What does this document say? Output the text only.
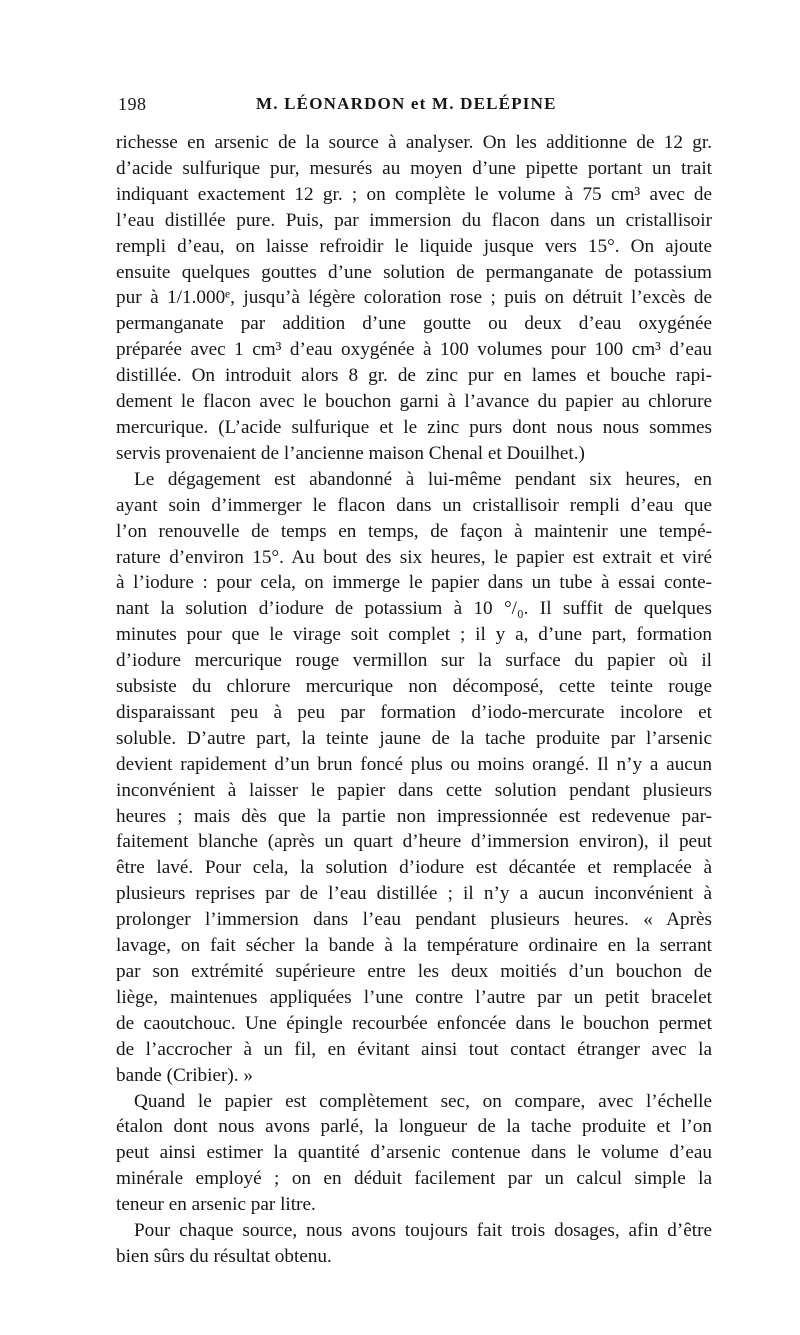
198	M. LÉONARDON et M. DELÉPINE
richesse en arsenic de la source à analyser. On les additionne de 12 gr.
d’acide sulfurique pur, mesurés au moyen d’une pipette portant un trait
indiquant exactement 12 gr. ; on complète le volume à 75 cm³ avec de
l’eau distillée pure. Puis, par immersion du flacon dans un cristallisoir
rempli d’eau, on laisse refroidir le liquide jusque vers 15°. On ajoute
ensuite quelques gouttes d’une solution de permanganate de potassium
pur à 1/1.000ᵉ, jusqu’à légère coloration rose ; puis on détruit l’excès de
permanganate par addition d’une goutte ou deux d’eau oxygénée
préparée avec 1 cm³ d’eau oxygénée à 100 volumes pour 100 cm³ d’eau
distillée. On introduit alors 8 gr. de zinc pur en lames et bouche rapi-
dement le flacon avec le bouchon garni à l’avance du papier au chlorure
mercurique. (L’acide sulfurique et le zinc purs dont nous nous sommes
servis provenaient de l’ancienne maison Chenal et Douilhet.)
Le dégagement est abandonné à lui-même pendant six heures, en
ayant soin d’immerger le flacon dans un cristallisoir rempli d’eau que
l’on renouvelle de temps en temps, de façon à maintenir une tempé-
rature d’environ 15°. Au bout des six heures, le papier est extrait et viré
à l’iodure : pour cela, on immerge le papier dans un tube à essai conte-
nant la solution d’iodure de potassium à 10 °/₀. Il suffit de quelques
minutes pour que le virage soit complet ; il y a, d’une part, formation
d’iodure mercurique rouge vermillon sur la surface du papier où il
subsiste du chlorure mercurique non décomposé, cette teinte rouge
disparaissant peu à peu par formation d’iodo-mercurate incolore et
soluble. D’autre part, la teinte jaune de la tache produite par l’arsenic
devient rapidement d’un brun foncé plus ou moins orangé. Il n’y a aucun
inconvénient à laisser le papier dans cette solution pendant plusieurs
heures ; mais dès que la partie non impressionnée est redevenue par-
faitement blanche (après un quart d’heure d’immersion environ), il peut
être lavé. Pour cela, la solution d’iodure est décantée et remplacée à
plusieurs reprises par de l’eau distillée ; il n’y a aucun inconvénient à
prolonger l’immersion dans l’eau pendant plusieurs heures. « Après
lavage, on fait sécher la bande à la température ordinaire en la serrant
par son extrémité supérieure entre les deux moitiés d’un bouchon de
liège, maintenues appliquées l’une contre l’autre par un petit bracelet
de caoutchouc. Une épingle recourbée enfoncée dans le bouchon permet
de l’accrocher à un fil, en évitant ainsi tout contact étranger avec la
bande (Cribier). »
Quand le papier est complètement sec, on compare, avec l’échelle
étalon dont nous avons parlé, la longueur de la tache produite et l’on
peut ainsi estimer la quantité d’arsenic contenue dans le volume d’eau
minérale employé ; on en déduit facilement par un calcul simple la
teneur en arsenic par litre.
Pour chaque source, nous avons toujours fait trois dosages, afin d’être
bien sûrs du résultat obtenu.
